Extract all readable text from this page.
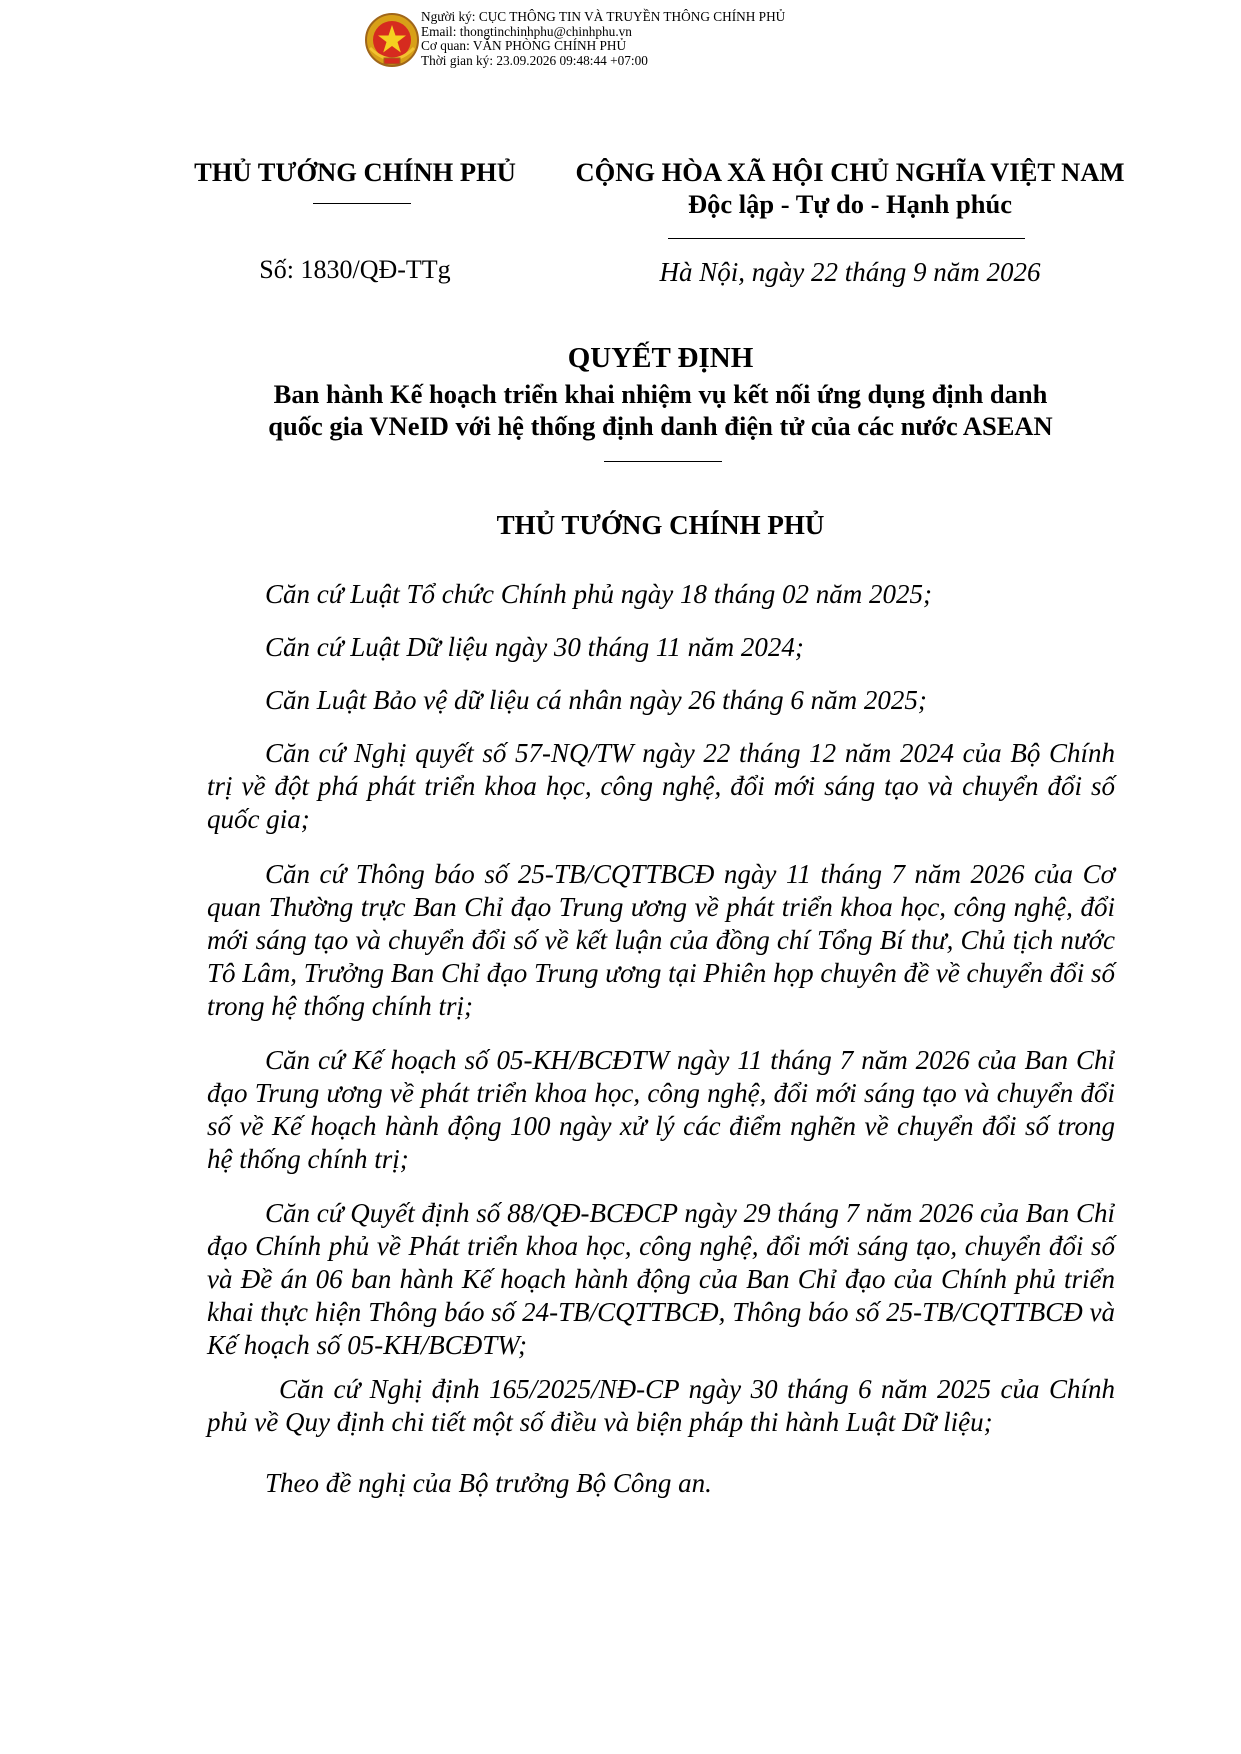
Người ký: CỤC THÔNG TIN VÀ TRUYỀN THÔNG CHÍNH PHỦ
Email: thongtinchinhphu@chinhphu.vn
Cơ quan: VĂN PHÒNG CHÍNH PHỦ
Thời gian ký: 23.09.2026 09:48:44 +07:00
THỦ TƯỚNG CHÍNH PHỦ	CỘNG HÒA XÃ HỘI CHỦ NGHĨA VIỆT NAM
Độc lập - Tự do - Hạnh phúc
Số: 1830/QĐ-TTg	Hà Nội, ngày 22 tháng 9 năm 2026
QUYẾT ĐỊNH
Ban hành Kế hoạch triển khai nhiệm vụ kết nối ứng dụng định danh
quốc gia VNeID với hệ thống định danh điện tử của các nước ASEAN
THỦ TƯỚNG CHÍNH PHỦ
Căn cứ Luật Tổ chức Chính phủ ngày 18 tháng 02 năm 2025;
Căn cứ Luật Dữ liệu ngày 30 tháng 11 năm 2024;
Căn Luật Bảo vệ dữ liệu cá nhân ngày 26 tháng 6 năm 2025;
Căn cứ Nghị quyết số 57-NQ/TW ngày 22 tháng 12 năm 2024 của Bộ Chính trị về đột phá phát triển khoa học, công nghệ, đổi mới sáng tạo và chuyển đổi số quốc gia;
Căn cứ Thông báo số 25-TB/CQTTBCĐ ngày 11 tháng 7 năm 2026 của Cơ quan Thường trực Ban Chỉ đạo Trung ương về phát triển khoa học, công nghệ, đổi mới sáng tạo và chuyển đổi số về kết luận của đồng chí Tổng Bí thư, Chủ tịch nước Tô Lâm, Trưởng Ban Chỉ đạo Trung ương tại Phiên họp chuyên đề về chuyển đổi số trong hệ thống chính trị;
Căn cứ Kế hoạch số 05-KH/BCĐTW ngày 11 tháng 7 năm 2026 của Ban Chỉ đạo Trung ương về phát triển khoa học, công nghệ, đổi mới sáng tạo và chuyển đổi số về Kế hoạch hành động 100 ngày xử lý các điểm nghẽn về chuyển đổi số trong hệ thống chính trị;
Căn cứ Quyết định số 88/QĐ-BCĐCP ngày 29 tháng 7 năm 2026 của Ban Chỉ đạo Chính phủ về Phát triển khoa học, công nghệ, đổi mới sáng tạo, chuyển đổi số và Đề án 06 ban hành Kế hoạch hành động của Ban Chỉ đạo của Chính phủ triển khai thực hiện Thông báo số 24-TB/CQTTBCĐ, Thông báo số 25-TB/CQTTBCĐ và Kế hoạch số 05-KH/BCĐTW;
Căn cứ Nghị định 165/2025/NĐ-CP ngày 30 tháng 6 năm 2025 của Chính phủ về Quy định chi tiết một số điều và biện pháp thi hành Luật Dữ liệu;
Theo đề nghị của Bộ trưởng Bộ Công an.
